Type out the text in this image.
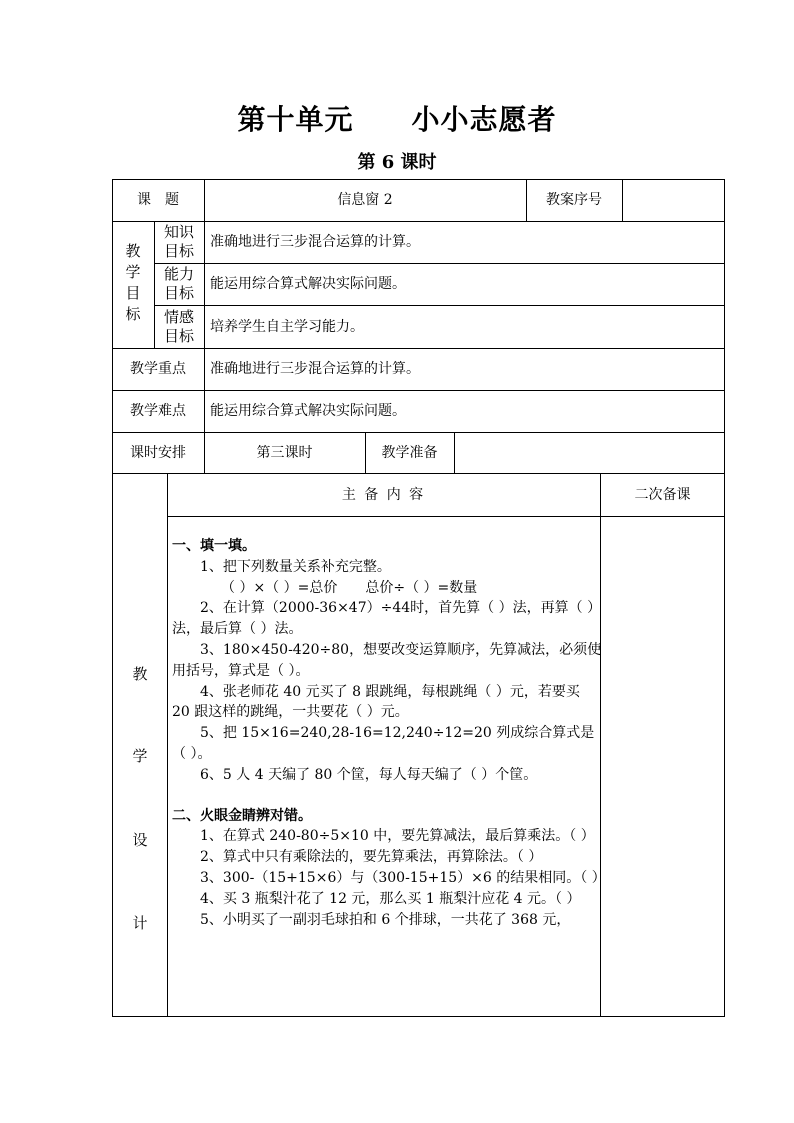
第十单元 小小志愿者
第 6 课时
课　题	信息窗 2	教案序号
教
学
目
标
知识目标	准确地进行三步混合运算的计算。
能力目标	能运用综合算式解决实际问题。
情感目标	培养学生自主学习能力。
教学重点	准确地进行三步混合运算的计算。
教学难点	能运用综合算式解决实际问题。
课时安排	第三课时	教学准备
教
学
设
计
主 备 内 容	二次备课
一、填一填。
1、把下列数量关系补充完整。
（ ）×（ ）=总价　　总价÷（ ）=数量
2、在计算（2000-36×47）÷44时，首先算（ ）法，再算（ ）法，最后算（ ）法。
3、180×450-420÷80，想要改变运算顺序，先算减法，必须使用括号，算式是（ ）。
4、张老师花 40 元买了 8 跟跳绳，每根跳绳（ ）元，若要买 20 跟这样的跳绳，一共要花（ ）元。
5、把 15×16=240,28-16=12,240÷12=20 列成综合算式是（ ）。
6、5 人 4 天编了 80 个筐，每人每天编了（ ）个筐。
二、火眼金睛辨对错。
1、在算式 240-80÷5×10 中，要先算减法，最后算乘法。（ ）
2、算式中只有乘除法的，要先算乘法，再算除法。（ ）
3、300-（15+15×6）与（300-15+15）×6 的结果相同。（ ）
4、买 3 瓶梨汁花了 12 元，那么买 1 瓶梨汁应花 4 元。（ ）
5、小明买了一副羽毛球拍和 6 个排球，一共花了 368 元，
